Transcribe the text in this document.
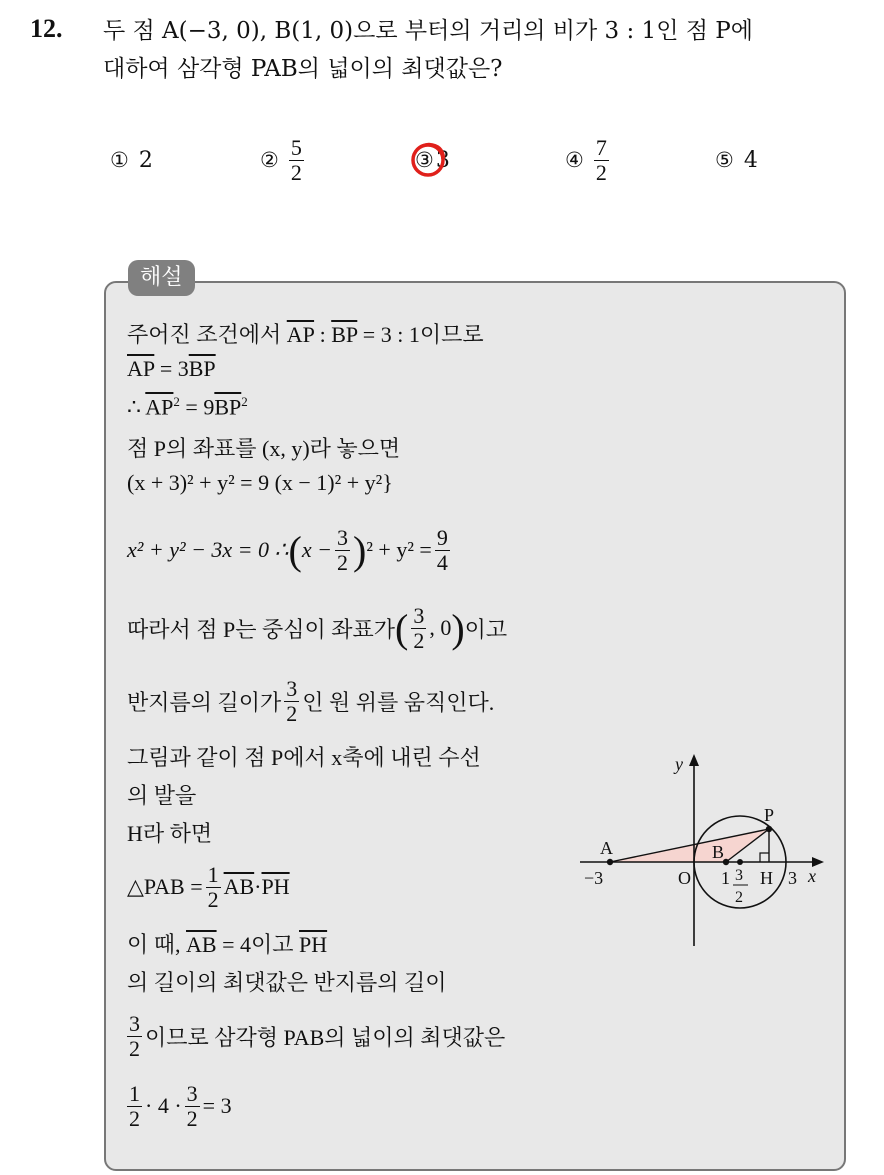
12. 두 점 A(−3, 0), B(1, 0)으로 부터의 거리의 비가 3 : 1인 점 P에
대하여 삼각형 PAB의 넓이의 최댓값은?
① 2	② $\frac{5}{2}$	③ 3	④ $\frac{7}{2}$	⑤ 4
해설
주어진 조건에서 $\overline{AP}$ : $\overline{BP} = 3$ : 1이므로
$\overline{AP} = 3\overline{BP}$
∴ $\overline{AP}^2 = 9\overline{BP}^2$
점 P의 좌표를 (x, y)라 놓으면
(x + 3)² + y² = 9 (x − 1)² + y²}
x² + y² − 3x = 0 ∴ ( $x - \frac{3}{2}$ ) $^2 + y^2 = \frac{9}{4}$
따라서 점 P는 중심이 좌표가 ( $\frac{3}{2}$ , 0 ) 이고
반지름의 길이가 $\frac{3}{2}$ 인 원 위를 움직인다.
그림과 같이 점 P에서 x축에 내린 수선
의 발을
H라 하면
△PAB = $\frac{1}{2} \overline{AB} \cdot \overline{PH}$
이 때, $\overline{AB} = 4$이고 $\overline{PH}$
의 길이의 최댓값은 반지름의 길이
$\frac{3}{2}$ 이므로 삼각형 PAB의 넓이의 최댓값은
$\frac{1}{2} \cdot 4 \cdot \frac{3}{2} = 3$
y
x
A	B
P
O	H
−3	1	3
3
2
